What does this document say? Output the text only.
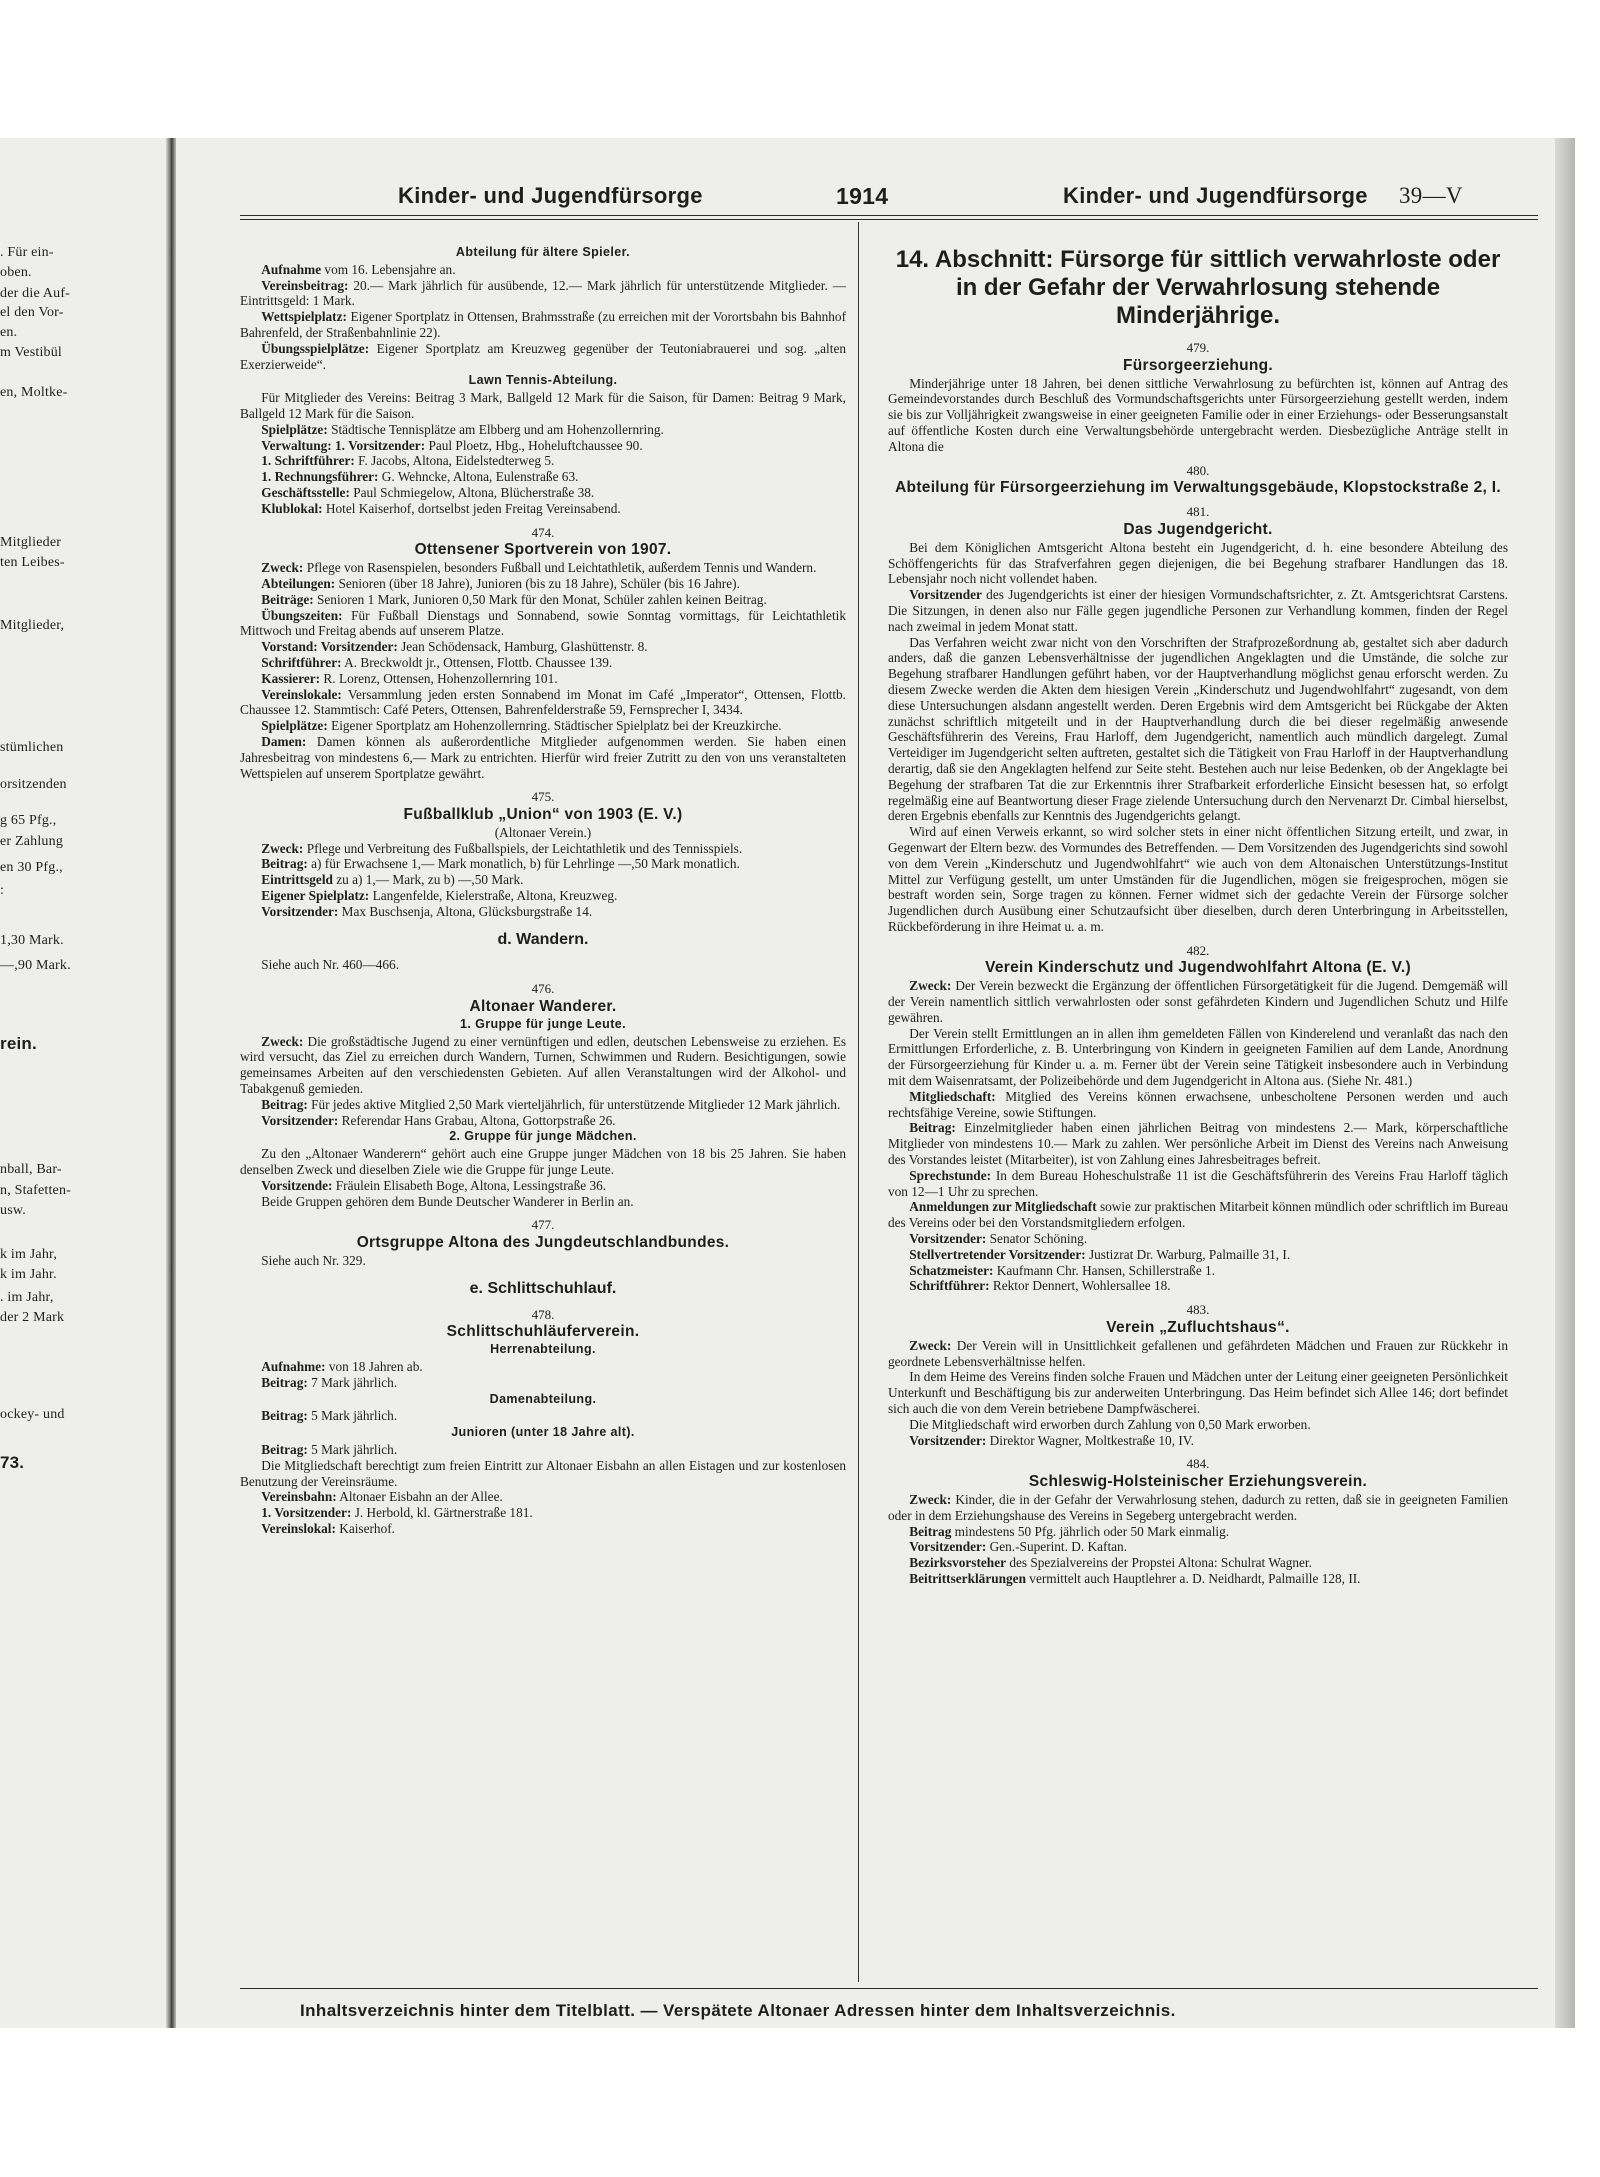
. Für ein-
oben.
der die Auf-
el den Vor-
en.
m Vestibül
en, Moltke-
Mitglieder
ten Leibes-
Mitglieder,
stümlichen
orsitzenden
g 65 Pfg.,
er Zahlung
en 30 Pfg.,
:
1,30 Mark.
—,90 Mark.
rein.
nball, Bar-
n, Stafetten-
usw.
k im Jahr,
k im Jahr.
. im Jahr,
der 2 Mark
ockey- und
73.
Kinder- und Jugendfürsorge	1914	Kinder- und Jugendfürsorge 39—V
Abteilung für ältere Spieler.
Aufnahme vom 16. Lebensjahre an.
Vereinsbeitrag: 20.— Mark jährlich für ausübende, 12.— Mark jährlich für unterstützende Mitglieder. — Eintrittsgeld: 1 Mark.
Wettspielplatz: Eigener Sportplatz in Ottensen, Brahmsstraße (zu erreichen mit der Vorortsbahn bis Bahnhof Bahrenfeld, der Straßenbahnlinie 22).
Übungsspielplätze: Eigener Sportplatz am Kreuzweg gegenüber der Teutoniabrauerei und sog. „alten Exerzierweide“.
Lawn Tennis-Abteilung.
Für Mitglieder des Vereins: Beitrag 3 Mark, Ballgeld 12 Mark für die Saison, für Damen: Beitrag 9 Mark, Ballgeld 12 Mark für die Saison.
Spielplätze: Städtische Tennisplätze am Elbberg und am Hohenzollernring.
Verwaltung: 1. Vorsitzender: Paul Ploetz, Hbg., Hoheluftchaussee 90.
1. Schriftführer: F. Jacobs, Altona, Eidelstedterweg 5.
1. Rechnungsführer: G. Wehncke, Altona, Eulenstraße 63.
Geschäftsstelle: Paul Schmiegelow, Altona, Blücherstraße 38.
Klublokal: Hotel Kaiserhof, dortselbst jeden Freitag Vereinsabend.
474.
Ottensener Sportverein von 1907.
Zweck: Pflege von Rasenspielen, besonders Fußball und Leichtathletik, außerdem Tennis und Wandern.
Abteilungen: Senioren (über 18 Jahre), Junioren (bis zu 18 Jahre), Schüler (bis 16 Jahre).
Beiträge: Senioren 1 Mark, Junioren 0,50 Mark für den Monat, Schüler zahlen keinen Beitrag.
Übungszeiten: Für Fußball Dienstags und Sonnabend, sowie Sonntag vormittags, für Leichtathletik Mittwoch und Freitag abends auf unserem Platze.
Vorstand: Vorsitzender: Jean Schödensack, Hamburg, Glashüttenstr. 8.
Schriftführer: A. Breckwoldt jr., Ottensen, Flottb. Chaussee 139.
Kassierer: R. Lorenz, Ottensen, Hohenzollernring 101.
Vereinslokale: Versammlung jeden ersten Sonnabend im Monat im Café „Imperator“, Ottensen, Flottb. Chaussee 12. Stammtisch: Café Peters, Ottensen, Bahrenfelderstraße 59, Fernsprecher I, 3434.
Spielplätze: Eigener Sportplatz am Hohenzollernring. Städtischer Spielplatz bei der Kreuzkirche.
Damen: Damen können als außerordentliche Mitglieder aufgenommen werden. Sie haben einen Jahresbeitrag von mindestens 6,— Mark zu entrichten. Hierfür wird freier Zutritt zu den von uns veranstalteten Wettspielen auf unserem Sportplatze gewährt.
475.
Fußballklub „Union“ von 1903 (E. V.)
(Altonaer Verein.)
Zweck: Pflege und Verbreitung des Fußballspiels, der Leichtathletik und des Tennisspiels.
Beitrag: a) für Erwachsene 1,— Mark monatlich, b) für Lehrlinge —,50 Mark monatlich.
Eintrittsgeld zu a) 1,— Mark, zu b) —,50 Mark.
Eigener Spielplatz: Langenfelde, Kielerstraße, Altona, Kreuzweg.
Vorsitzender: Max Buschsenja, Altona, Glücksburgstraße 14.
d. Wandern.
Siehe auch Nr. 460—466.
476.
Altonaer Wanderer.
1. Gruppe für junge Leute.
Zweck: Die großstädtische Jugend zu einer vernünftigen und edlen, deutschen Lebensweise zu erziehen. Es wird versucht, das Ziel zu erreichen durch Wandern, Turnen, Schwimmen und Rudern. Besichtigungen, sowie gemeinsames Arbeiten auf den verschiedensten Gebieten. Auf allen Veranstaltungen wird der Alkohol- und Tabakgenuß gemieden.
Beitrag: Für jedes aktive Mitglied 2,50 Mark vierteljährlich, für unterstützende Mitglieder 12 Mark jährlich.
Vorsitzender: Referendar Hans Grabau, Altona, Gottorpstraße 26.
2. Gruppe für junge Mädchen.
Zu den „Altonaer Wanderern“ gehört auch eine Gruppe junger Mädchen von 18 bis 25 Jahren. Sie haben denselben Zweck und dieselben Ziele wie die Gruppe für junge Leute.
Vorsitzende: Fräulein Elisabeth Boge, Altona, Lessingstraße 36.
Beide Gruppen gehören dem Bunde Deutscher Wanderer in Berlin an.
477.
Ortsgruppe Altona des Jungdeutschlandbundes.
Siehe auch Nr. 329.
e. Schlittschuhlauf.
478.
Schlittschuhläuferverein.
Herrenabteilung.
Aufnahme: von 18 Jahren ab.
Beitrag: 7 Mark jährlich.
Damenabteilung.
Beitrag: 5 Mark jährlich.
Junioren (unter 18 Jahre alt).
Beitrag: 5 Mark jährlich.
Die Mitgliedschaft berechtigt zum freien Eintritt zur Altonaer Eisbahn an allen Eistagen und zur kostenlosen Benutzung der Vereinsräume.
Vereinsbahn: Altonaer Eisbahn an der Allee.
1. Vorsitzender: J. Herbold, kl. Gärtnerstraße 181.
Vereinslokal: Kaiserhof.
14. Abschnitt: Fürsorge für sittlich verwahrloste oder in der Gefahr der Verwahrlosung stehende Minderjährige.
479.
Fürsorgeerziehung.
Minderjährige unter 18 Jahren, bei denen sittliche Verwahrlosung zu befürchten ist, können auf Antrag des Gemeindevorstandes durch Beschluß des Vormundschaftsgerichts unter Fürsorgeerziehung gestellt werden, indem sie bis zur Volljährigkeit zwangsweise in einer geeigneten Familie oder in einer Erziehungs- oder Besserungsanstalt auf öffentliche Kosten durch eine Verwaltungsbehörde untergebracht werden. Diesbezügliche Anträge stellt in Altona die
480.
Abteilung für Fürsorgeerziehung im Verwaltungsgebäude, Klopstockstraße 2, I.
481.
Das Jugendgericht.
Bei dem Königlichen Amtsgericht Altona besteht ein Jugendgericht, d. h. eine besondere Abteilung des Schöffengerichts für das Strafverfahren gegen diejenigen, die bei Begehung strafbarer Handlungen das 18. Lebensjahr noch nicht vollendet haben.
Vorsitzender des Jugendgerichts ist einer der hiesigen Vormundschaftsrichter, z. Zt. Amtsgerichtsrat Carstens. Die Sitzungen, in denen also nur Fälle gegen jugendliche Personen zur Verhandlung kommen, finden der Regel nach zweimal in jedem Monat statt.
Das Verfahren weicht zwar nicht von den Vorschriften der Strafprozeßordnung ab, gestaltet sich aber dadurch anders, daß die ganzen Lebensverhältnisse der jugendlichen Angeklagten und die Umstände, die solche zur Begehung strafbarer Handlungen geführt haben, vor der Hauptverhandlung möglichst genau erforscht werden. Zu diesem Zwecke werden die Akten dem hiesigen Verein „Kinderschutz und Jugendwohlfahrt“ zugesandt, von dem diese Untersuchungen alsdann angestellt werden. Deren Ergebnis wird dem Amtsgericht bei Rückgabe der Akten zunächst schriftlich mitgeteilt und in der Hauptverhandlung durch die bei dieser regelmäßig anwesende Geschäftsführerin des Vereins, Frau Harloff, dem Jugendgericht, namentlich auch mündlich dargelegt. Zumal Verteidiger im Jugendgericht selten auftreten, gestaltet sich die Tätigkeit von Frau Harloff in der Hauptverhandlung derartig, daß sie den Angeklagten helfend zur Seite steht. Bestehen auch nur leise Bedenken, ob der Angeklagte bei Begehung der strafbaren Tat die zur Erkenntnis ihrer Strafbarkeit erforderliche Einsicht besessen hat, so erfolgt regelmäßig eine auf Beantwortung dieser Frage zielende Untersuchung durch den Nervenarzt Dr. Cimbal hierselbst, deren Ergebnis ebenfalls zur Kenntnis des Jugendgerichts gelangt.
Wird auf einen Verweis erkannt, so wird solcher stets in einer nicht öffentlichen Sitzung erteilt, und zwar, in Gegenwart der Eltern bezw. des Vormundes des Betreffenden. — Dem Vorsitzenden des Jugendgerichts sind sowohl von dem Verein „Kinderschutz und Jugendwohlfahrt“ wie auch von dem Altonaischen Unterstützungs-Institut Mittel zur Verfügung gestellt, um unter Umständen für die Jugendlichen, mögen sie freigesprochen, mögen sie bestraft worden sein, Sorge tragen zu können. Ferner widmet sich der gedachte Verein der Fürsorge solcher Jugendlichen durch Ausübung einer Schutzaufsicht über dieselben, durch deren Unterbringung in Arbeitsstellen, Rückbeförderung in ihre Heimat u. a. m.
482.
Verein Kinderschutz und Jugendwohlfahrt Altona (E. V.)
Zweck: Der Verein bezweckt die Ergänzung der öffentlichen Fürsorgetätigkeit für die Jugend. Demgemäß will der Verein namentlich sittlich verwahrlosten oder sonst gefährdeten Kindern und Jugendlichen Schutz und Hilfe gewähren.
Der Verein stellt Ermittlungen an in allen ihm gemeldeten Fällen von Kinderelend und veranlaßt das nach den Ermittlungen Erforderliche, z. B. Unterbringung von Kindern in geeigneten Familien auf dem Lande, Anordnung der Fürsorgeerziehung für Kinder u. a. m. Ferner übt der Verein seine Tätigkeit insbesondere auch in Verbindung mit dem Waisenratsamt, der Polizeibehörde und dem Jugendgericht in Altona aus. (Siehe Nr. 481.)
Mitgliedschaft: Mitglied des Vereins können erwachsene, unbescholtene Personen werden und auch rechtsfähige Vereine, sowie Stiftungen.
Beitrag: Einzelmitglieder haben einen jährlichen Beitrag von mindestens 2.— Mark, körperschaftliche Mitglieder von mindestens 10.— Mark zu zahlen. Wer persönliche Arbeit im Dienst des Vereins nach Anweisung des Vorstandes leistet (Mitarbeiter), ist von Zahlung eines Jahresbeitrages befreit.
Sprechstunde: In dem Bureau Hoheschulstraße 11 ist die Geschäftsführerin des Vereins Frau Harloff täglich von 12—1 Uhr zu sprechen.
Anmeldungen zur Mitgliedschaft sowie zur praktischen Mitarbeit können mündlich oder schriftlich im Bureau des Vereins oder bei den Vorstandsmitgliedern erfolgen.
Vorsitzender: Senator Schöning.
Stellvertretender Vorsitzender: Justizrat Dr. Warburg, Palmaille 31, I.
Schatzmeister: Kaufmann Chr. Hansen, Schillerstraße 1.
Schriftführer: Rektor Dennert, Wohlersallee 18.
483.
Verein „Zufluchtshaus“.
Zweck: Der Verein will in Unsittlichkeit gefallenen und gefährdeten Mädchen und Frauen zur Rückkehr in geordnete Lebensverhältnisse helfen.
In dem Heime des Vereins finden solche Frauen und Mädchen unter der Leitung einer geeigneten Persönlichkeit Unterkunft und Beschäftigung bis zur anderweiten Unterbringung. Das Heim befindet sich Allee 146; dort befindet sich auch die von dem Verein betriebene Dampfwäscherei.
Die Mitgliedschaft wird erworben durch Zahlung von 0,50 Mark erworben.
Vorsitzender: Direktor Wagner, Moltkestraße 10, IV.
484.
Schleswig-Holsteinischer Erziehungsverein.
Zweck: Kinder, die in der Gefahr der Verwahrlosung stehen, dadurch zu retten, daß sie in geeigneten Familien oder in dem Erziehungshause des Vereins in Segeberg untergebracht werden.
Beitrag mindestens 50 Pfg. jährlich oder 50 Mark einmalig.
Vorsitzender: Gen.-Superint. D. Kaftan.
Bezirksvorsteher des Spezialvereins der Propstei Altona: Schulrat Wagner.
Beitrittserklärungen vermittelt auch Hauptlehrer a. D. Neidhardt, Palmaille 128, II.
Inhaltsverzeichnis hinter dem Titelblatt. — Verspätete Altonaer Adressen hinter dem Inhaltsverzeichnis.
